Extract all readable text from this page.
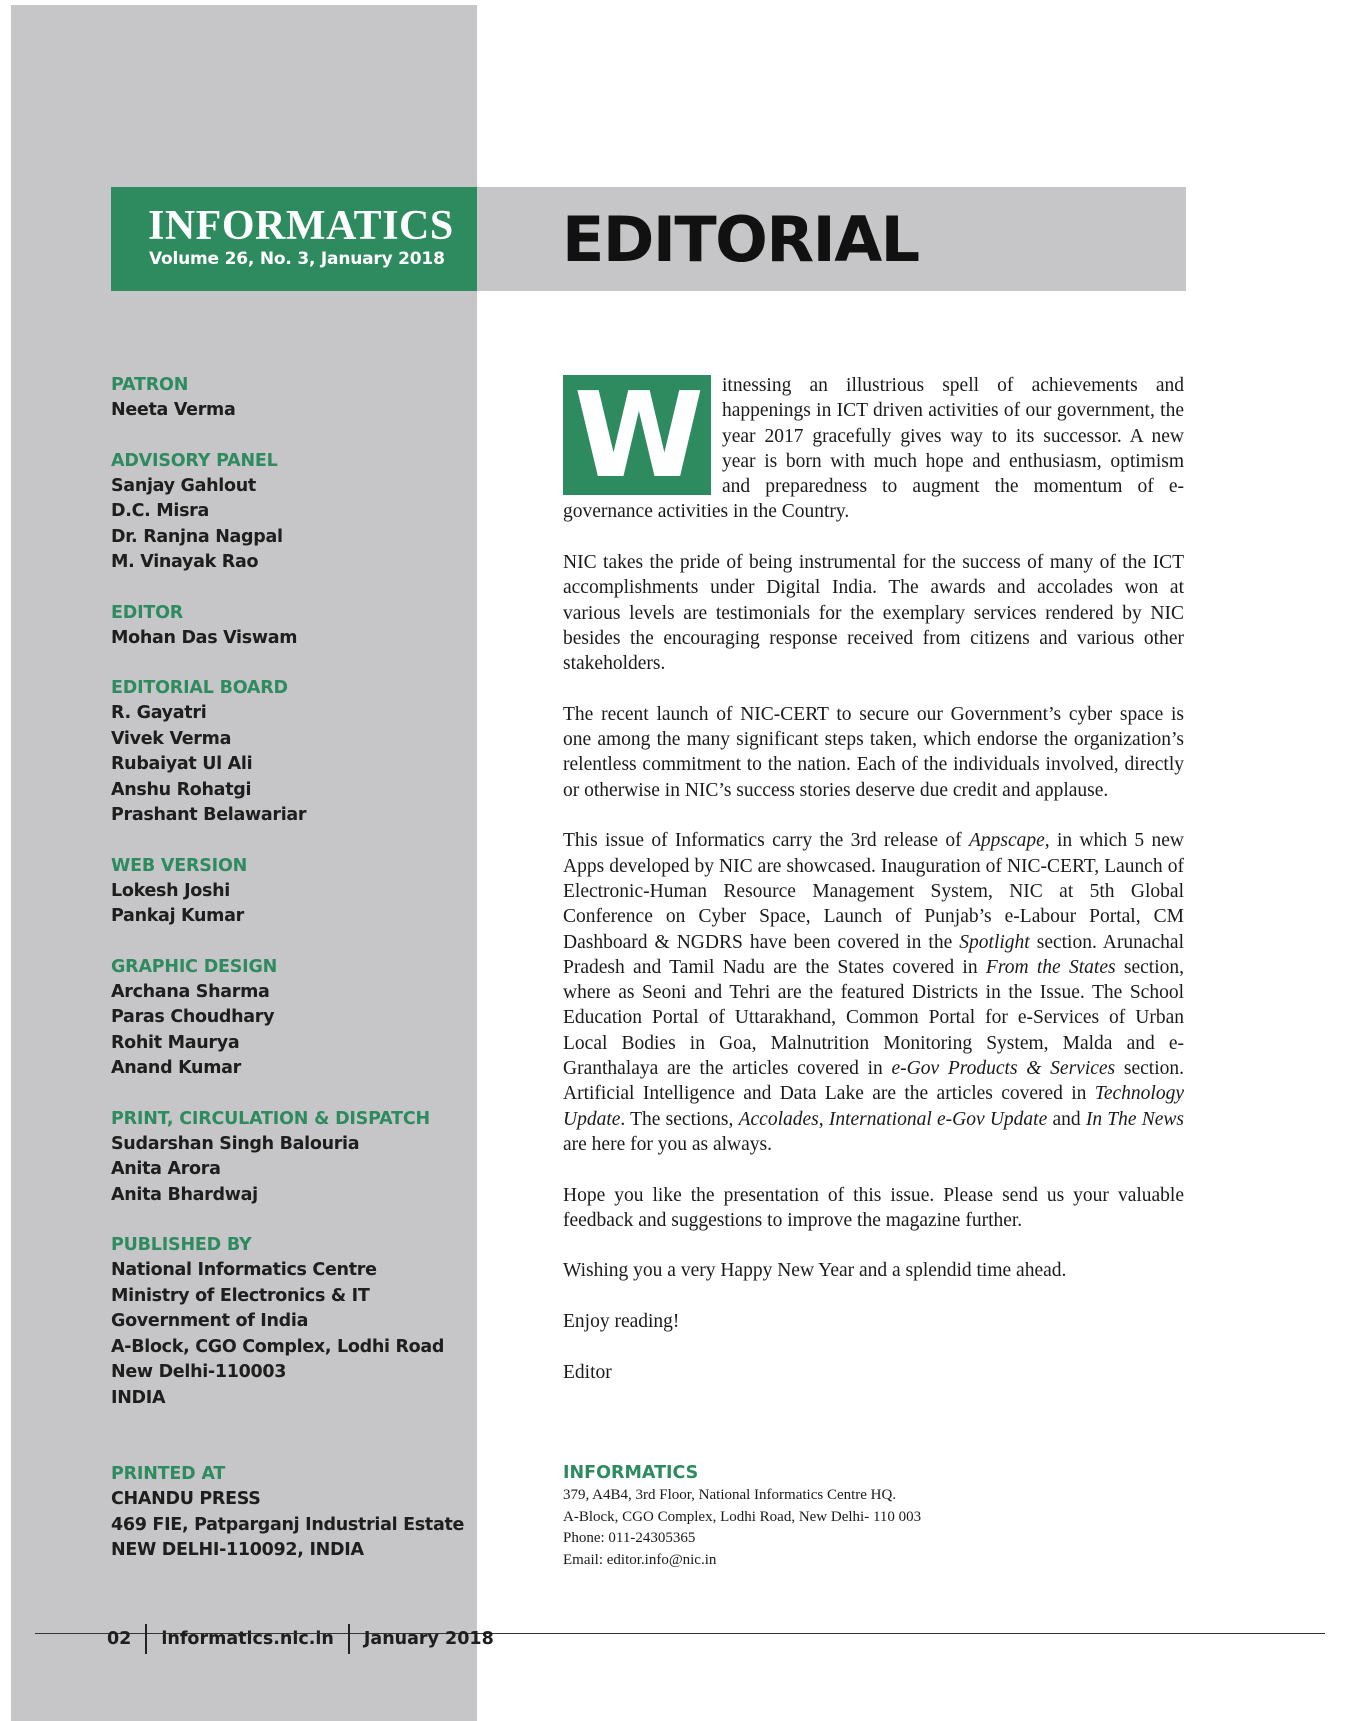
INFORMATICS
Volume 26, No. 3, January 2018 EDITORIAL
PATRON
Neeta Verma
ADVISORY PANEL
Sanjay Gahlout
D.C. Misra
Dr. Ranjna Nagpal
M. Vinayak Rao
EDITOR
Mohan Das Viswam
EDITORIAL BOARD
R. Gayatri
Vivek Verma
Rubaiyat Ul Ali
Anshu Rohatgi
Prashant Belawariar
WEB VERSION
Lokesh Joshi
Pankaj Kumar
GRAPHIC DESIGN
Archana Sharma
Paras Choudhary
Rohit Maurya
Anand Kumar
PRINT, CIRCULATION & DISPATCH
Sudarshan Singh Balouria
Anita Arora
Anita Bhardwaj
PUBLISHED BY
National Informatics Centre
Ministry of Electronics & IT
Government of India
A-Block, CGO Complex, Lodhi Road
New Delhi-110003
INDIA
PRINTED AT
CHANDU PRESS
469 FIE, Patparganj Industrial Estate
NEW DELHI-110092, INDIA

W	itnessing an illustrious spell of achievements and happenings in ICT driven activities of our government, the year 2017 gracefully gives way to its successor. A new year is born with much hope and enthusiasm, optimism and preparedness to augment the momentum of e-governance activities in the Country.

NIC takes the pride of being instrumental for the success of many of the ICT accomplishments under Digital India. The awards and accolades won at various levels are testimonials for the exemplary services rendered by NIC besides the encouraging response received from citizens and various other stakeholders.

The recent launch of NIC-CERT to secure our Government’s cyber space is one among the many significant steps taken, which endorse the organization’s relentless commitment to the nation. Each of the individuals involved, directly or otherwise in NIC’s success stories deserve due credit and applause.

This issue of Informatics carry the 3rd release of Appscape, in which 5 new Apps developed by NIC are showcased. Inauguration of NIC-CERT, Launch of Electronic-Human Resource Management System, NIC at 5th Global Conference on Cyber Space, Launch of Punjab’s e-Labour Portal, CM Dashboard & NGDRS have been covered in the Spotlight section. Arunachal Pradesh and Tamil Nadu are the States covered in From the States section, where as Seoni and Tehri are the featured Districts in the Issue. The School Education Portal of Uttarakhand, Common Portal for e-Services of Urban Local Bodies in Goa, Malnutrition Monitoring System, Malda and e-Granthalaya are the articles covered in e-Gov Products & Services section. Artificial Intelligence and Data Lake are the articles covered in Technology Update. The sections, Accolades, International e-Gov Update and In The News are here for you as always.

Hope you like the presentation of this issue. Please send us your valuable feedback and suggestions to improve the magazine further.

Wishing you a very Happy New Year and a splendid time ahead.

Enjoy reading!

Editor

INFORMATICS
379, A4B4, 3rd Floor, National Informatics Centre HQ.
A-Block, CGO Complex, Lodhi Road, New Delhi- 110 003
Phone: 011-24305365
Email: editor.info@nic.in
02 informatics.nic.in January 2018
